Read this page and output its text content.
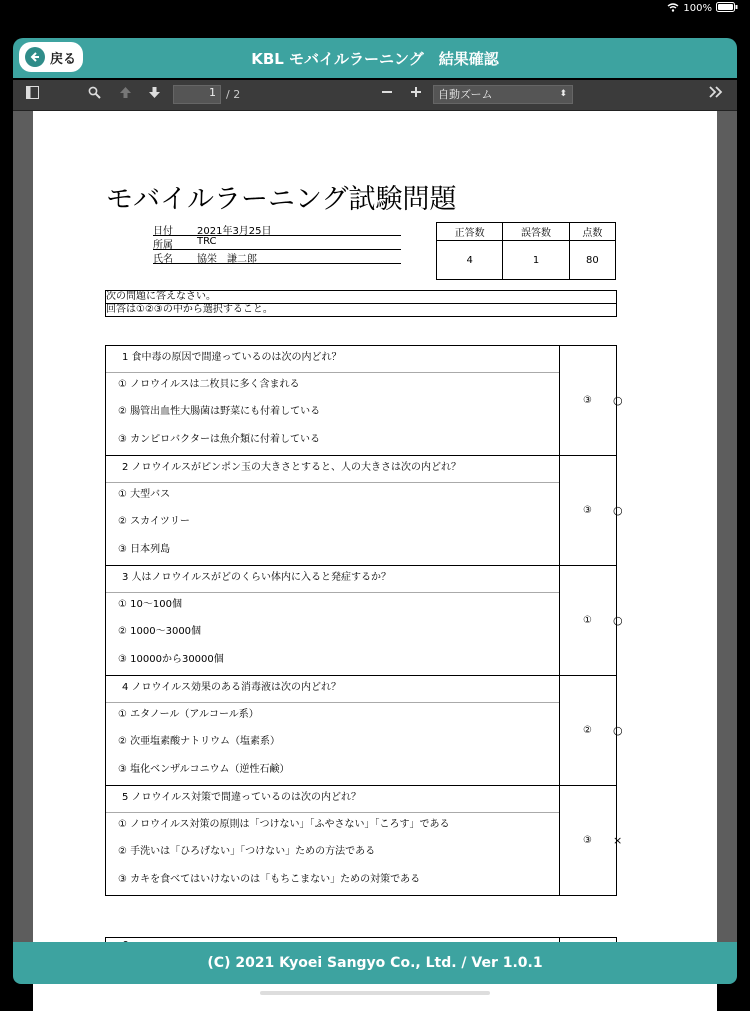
100%
戻る	KBL モバイルラーニング　結果確認
1 / 2	自動ズーム	⬍
モバイルラーニング試験問題
日付	2021年3月25日
所属	TRC
氏名	協栄　謙二郎
正答数	誤答数	点数
4	1	80
次の問題に答えなさい。
回答は①②③の中から選択すること。
1 食中毒の原因で間違っているのは次の内どれ？
① ノロウイルスは二枚貝に多く含まれる
② 腸管出血性大腸菌は野菜にも付着している
③ カンピロバクターは魚介類に付着している
③	○
2 ノロウイルスがピンポン玉の大きさとすると、人の大きさは次の内どれ？
① 大型バス
② スカイツリー
③ 日本列島
③	○
3 人はノロウイルスがどのくらい体内に入ると発症するか？
① 10～100個
② 1000～3000個
③ 10000から30000個
①	○
4 ノロウイルス効果のある消毒液は次の内どれ？
① エタノール（アルコール系）
② 次亜塩素酸ナトリウム（塩素系）
③ 塩化ベンザルコニウム（逆性石鹸）
②	○
5 ノロウイルス対策で間違っているのは次の内どれ？
① ノロウイルス対策の原則は「つけない」「ふやさない」「ころす」である
② 手洗いは「ひろげない」「つけない」ための方法である
③ カキを食べてはいけないのは「もちこまない」ための対策である
③	×
(C) 2021 Kyoei Sangyo Co., Ltd. / Ver 1.0.1
